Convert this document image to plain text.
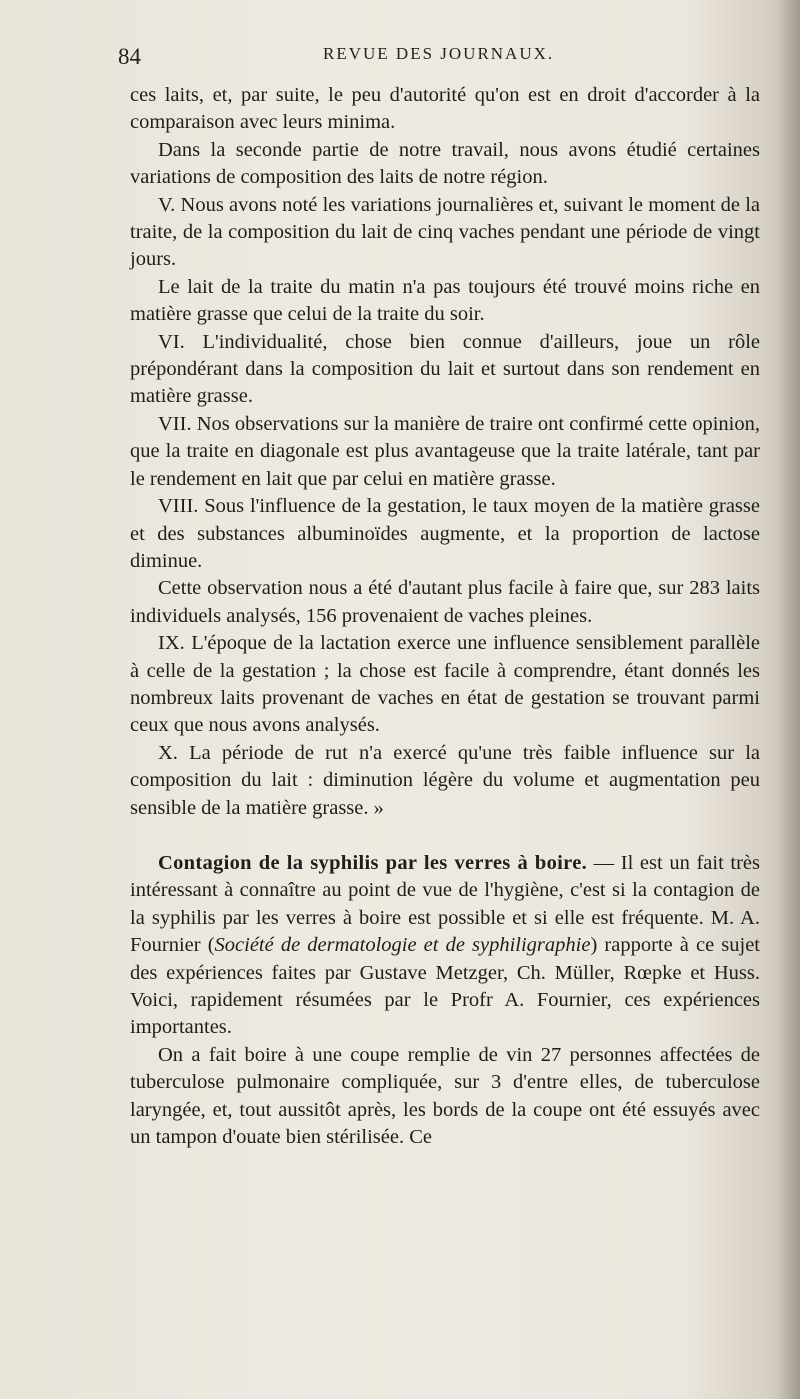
84	REVUE DES JOURNAUX.

ces laits, et, par suite, le peu d'autorité qu'on est en droit d'accorder à la comparaison avec leurs minima.

Dans la seconde partie de notre travail, nous avons étudié certaines variations de composition des laits de notre région.

V. Nous avons noté les variations journalières et, suivant le moment de la traite, de la composition du lait de cinq vaches pendant une période de vingt jours.

Le lait de la traite du matin n'a pas toujours été trouvé moins riche en matière grasse que celui de la traite du soir.

VI. L'individualité, chose bien connue d'ailleurs, joue un rôle prépondérant dans la composition du lait et surtout dans son rendement en matière grasse.

VII. Nos observations sur la manière de traire ont confirmé cette opinion, que la traite en diagonale est plus avantageuse que la traite latérale, tant par le rendement en lait que par celui en matière grasse.

VIII. Sous l'influence de la gestation, le taux moyen de la matière grasse et des substances albuminoïdes augmente, et la proportion de lactose diminue.

Cette observation nous a été d'autant plus facile à faire que, sur 283 laits individuels analysés, 156 provenaient de vaches pleines.

IX. L'époque de la lactation exerce une influence sensiblement parallèle à celle de la gestation ; la chose est facile à comprendre, étant donnés les nombreux laits provenant de vaches en état de gestation se trouvant parmi ceux que nous avons analysés.

X. La période de rut n'a exercé qu'une très faible influence sur la composition du lait : diminution légère du volume et augmentation peu sensible de la matière grasse. »

Contagion de la syphilis par les verres à boire. — Il est un fait très intéressant à connaître au point de vue de l'hygiène, c'est si la contagion de la syphilis par les verres à boire est possible et si elle est fréquente. M. A. Fournier (Société de dermatologie et de syphiligraphie) rapporte à ce sujet des expériences faites par Gustave Metzger, Ch. Müller, Rœpke et Huss. Voici, rapidement résumées par le Profr A. Fournier, ces expériences importantes.

On a fait boire à une coupe remplie de vin 27 personnes affectées de tuberculose pulmonaire compliquée, sur 3 d'entre elles, de tuberculose laryngée, et, tout aussitôt après, les bords de la coupe ont été essuyés avec un tampon d'ouate bien stérilisée. Ce
